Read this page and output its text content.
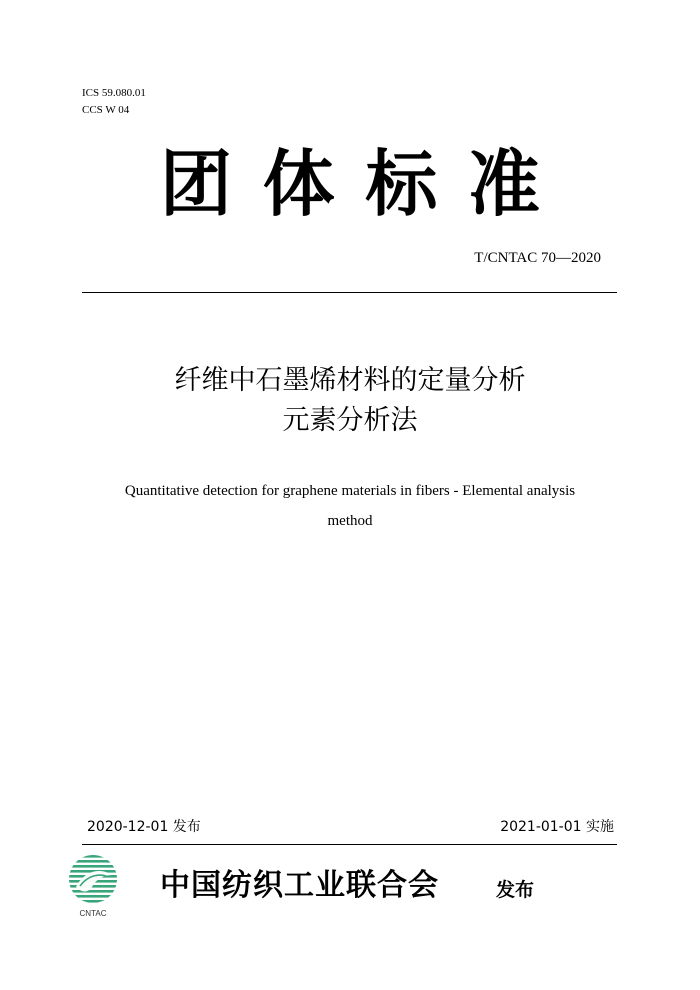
ICS 59.080.01
CCS W 04
团 体 标 准
T/CNTAC 70—2020
纤维中石墨烯材料的定量分析
元素分析法
Quantitative detection for graphene materials in fibers - Elemental analysis
method
2020-12-01 发布	2021-01-01 实施
CNTAC
中国纺织工业联合会	发布
